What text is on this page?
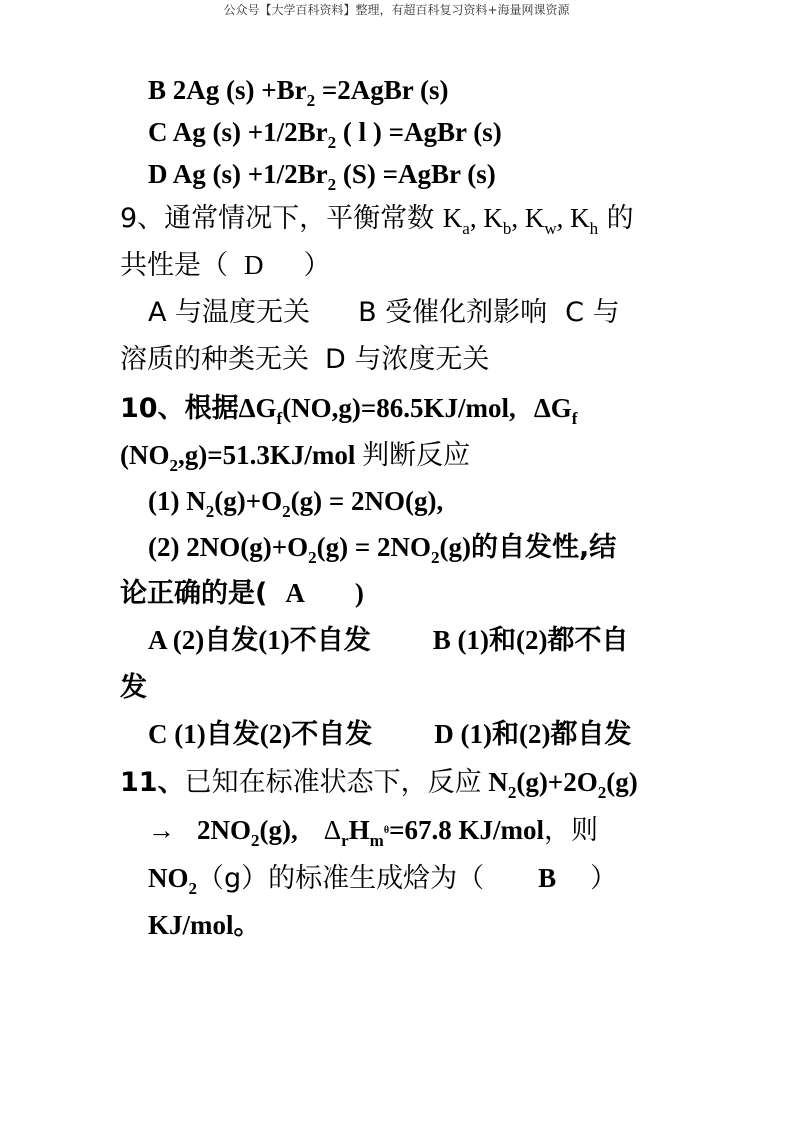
公众号【大学百科资料】整理，有超百科复习资料+海量网课资源
B 2Ag $(s) +Br_2$ =2AgBr (s)
C Ag $(s) +1/2Br_2$ ( l ) =AgBr (s)
D Ag $(s) +1/2Br_2$ (S) =AgBr (s)
9、通常情况下，平衡常数 $K_a$, $K_b$, $K_w$, $K_h$ 的
共性是（ D ）
A 与温度无关 B 受催化剂影响 C 与
溶质的种类无关 D 与浓度无关
10、根据$\Delta G_f(NO,g)=86.5KJ$/mol, $\Delta G_f$
$(NO_2,g)=51.3KJ$/mol 判断反应
(1) $N_2(g)+O_2(g) = 2NO(g)$,
(2) $2NO(g)+O_2(g) = 2NO_2(g)$的自发性,结
论正确的是( A )
A (2)自发(1)不自发 B (1)和(2)都不自
发
C (1)自发(2)不自发 D (1)和(2)都自发
11、已知在标准状态下，反应 $N_2(g)+2O_2(g)$
→ $2NO_2(g)$, $\Delta_rH_m^\theta=67.8$ KJ/mol，则
$NO_2(g)$的标准生成焓为（ B ）
KJ/mol。
